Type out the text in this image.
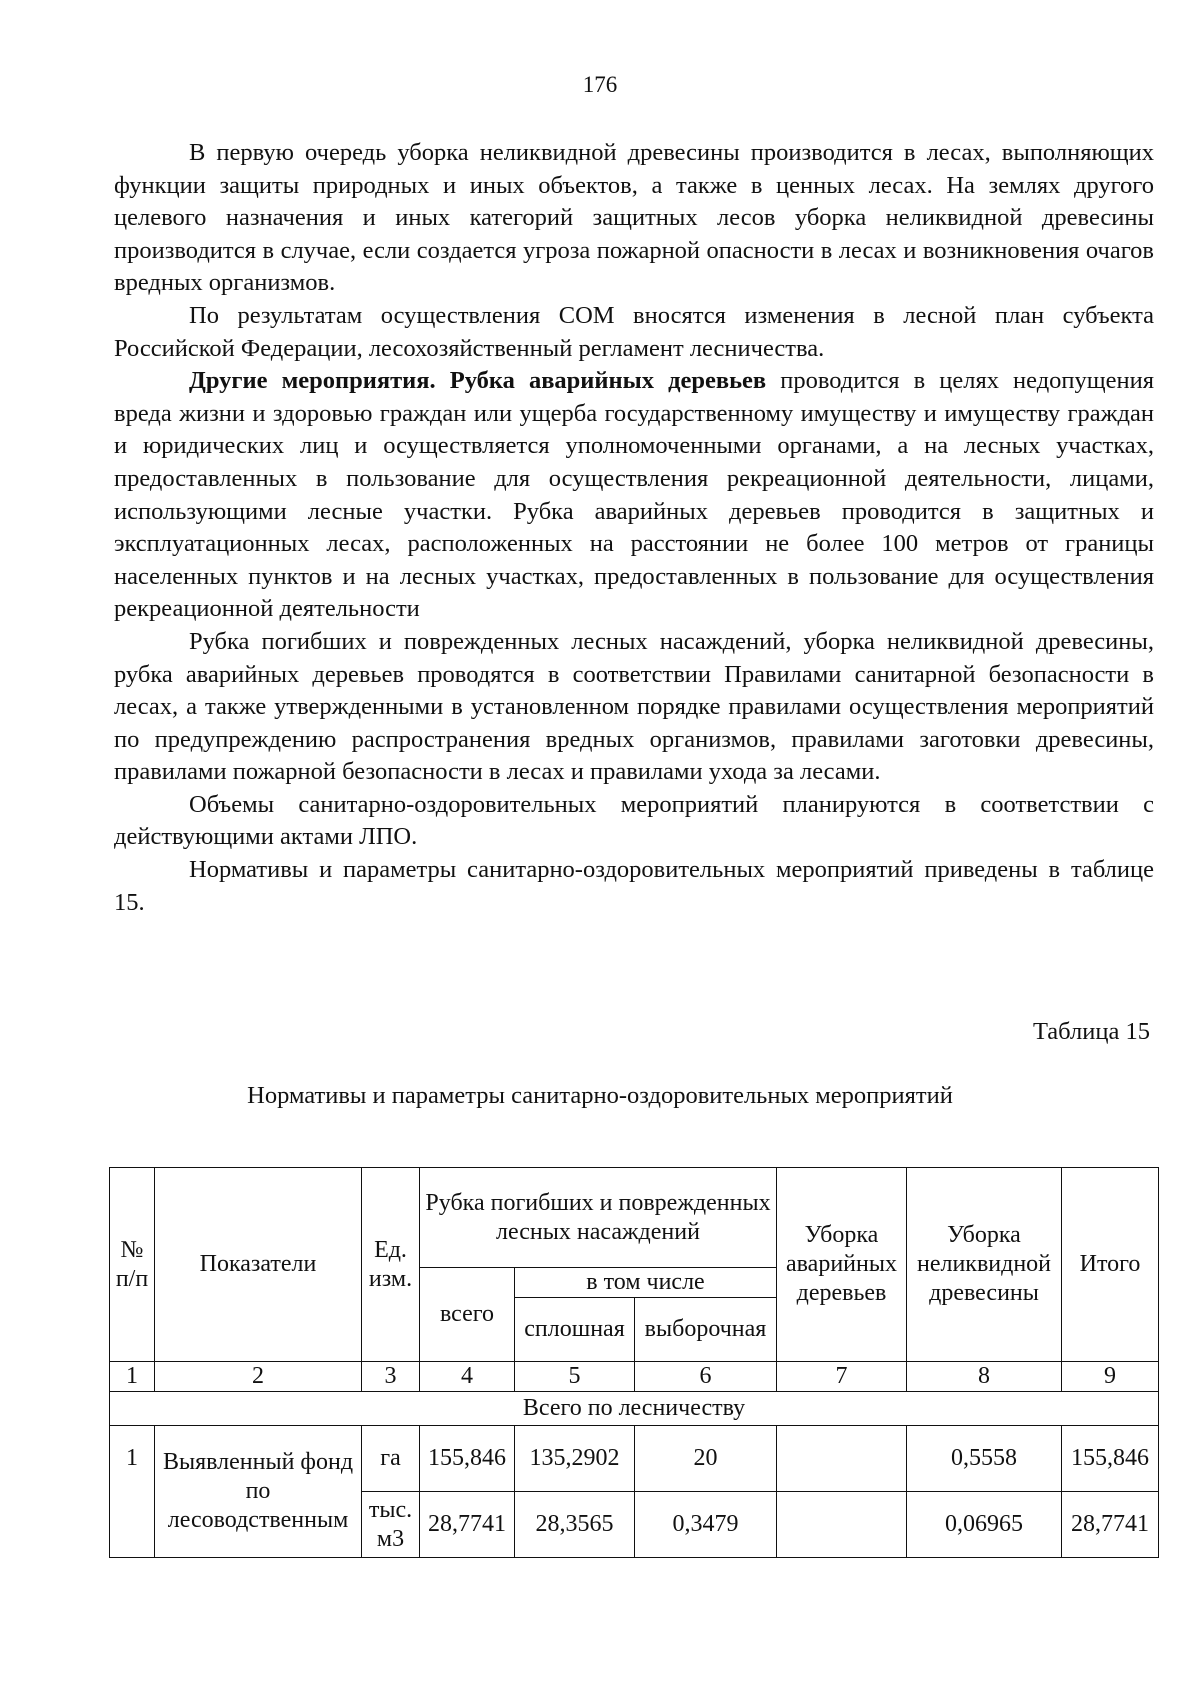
176

В первую очередь уборка неликвидной древесины производится в лесах, выполняющих функции защиты природных и иных объектов, а также в ценных лесах. На землях другого целевого назначения и иных категорий защитных лесов уборка неликвидной древесины производится в случае, если создается угроза пожарной опасности в лесах и возникновения очагов вредных организмов.

По результатам осуществления СОМ вносятся изменения в лесной план субъекта Российской Федерации, лесохозяйственный регламент лесничества.

Другие мероприятия. Рубка аварийных деревьев проводится в целях недопущения вреда жизни и здоровью граждан или ущерба государственному имуществу и имуществу граждан и юридических лиц и осуществляется уполномоченными органами, а на лесных участках, предоставленных в пользование для осуществления рекреационной деятельности, лицами, использующими лесные участки. Рубка аварийных деревьев проводится в защитных и эксплуатационных лесах, расположенных на расстоянии не более 100 метров от границы населенных пунктов и на лесных участках, предоставленных в пользование для осуществления рекреационной деятельности

Рубка погибших и поврежденных лесных насаждений, уборка неликвидной древесины, рубка аварийных деревьев проводятся в соответствии Правилами санитарной безопасности в лесах, а также утвержденными в установленном порядке правилами осуществления мероприятий по предупреждению распространения вредных организмов, правилами заготовки древесины, правилами пожарной безопасности в лесах и правилами ухода за лесами.

Объемы санитарно-оздоровительных мероприятий планируются в соответствии с действующими актами ЛПО.

Нормативы и параметры санитарно-оздоровительных мероприятий приведены в таблице 15.

Таблица 15
Нормативы и параметры санитарно-оздоровительных мероприятий
№ п/п	Показатели	Ед. изм.	Рубка погибших и поврежденных лесных насаждений			Уборка аварийных деревьев	Уборка неликвидной древесины	Итого
			всего	в том числе				
				сплошная	выборочная			
1	2	3	4	5	6	7	8	9
Всего по лесничеству								
1	Выявленный фонд по лесоводственным	га	155,846	135,2902	20		0,5558	155,846
		тыс. м3	28,7741	28,3565	0,3479		0,06965	28,7741
